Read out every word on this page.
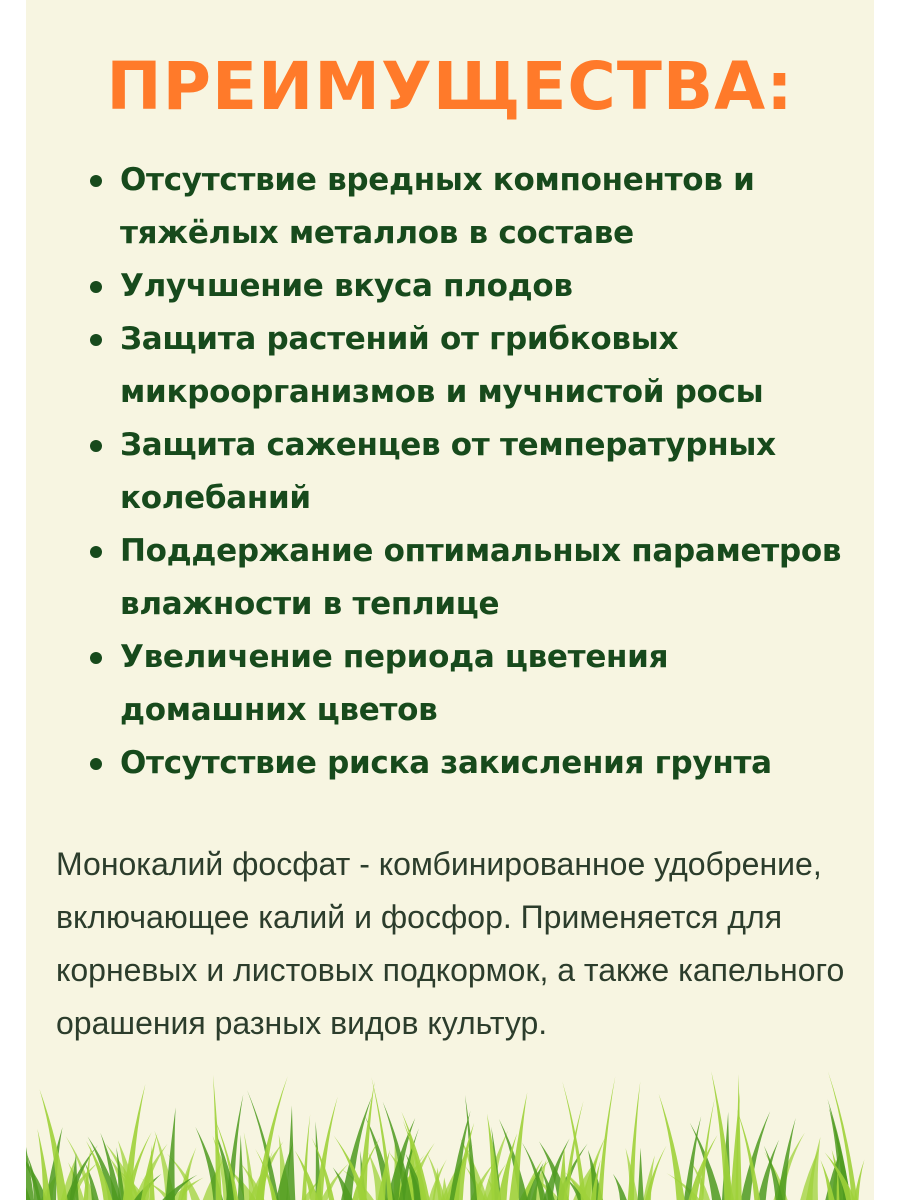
ПРЕИМУЩЕСТВА:
Отсутствие вредных компонентов и тяжёлых металлов в составе
Улучшение вкуса плодов
Защита растений от грибковых микроорганизмов и мучнистой росы
Защита саженцев от температурных колебаний
Поддержание оптимальных параметров влажности в теплице
Увеличение периода цветения домашних цветов
Отсутствие риска закисления грунта

Монокалий фосфат - комбинированное удобрение, включающее калий и фосфор. Применяется для корневых и листовых подкормок, а также капельного орашения разных видов культур.
